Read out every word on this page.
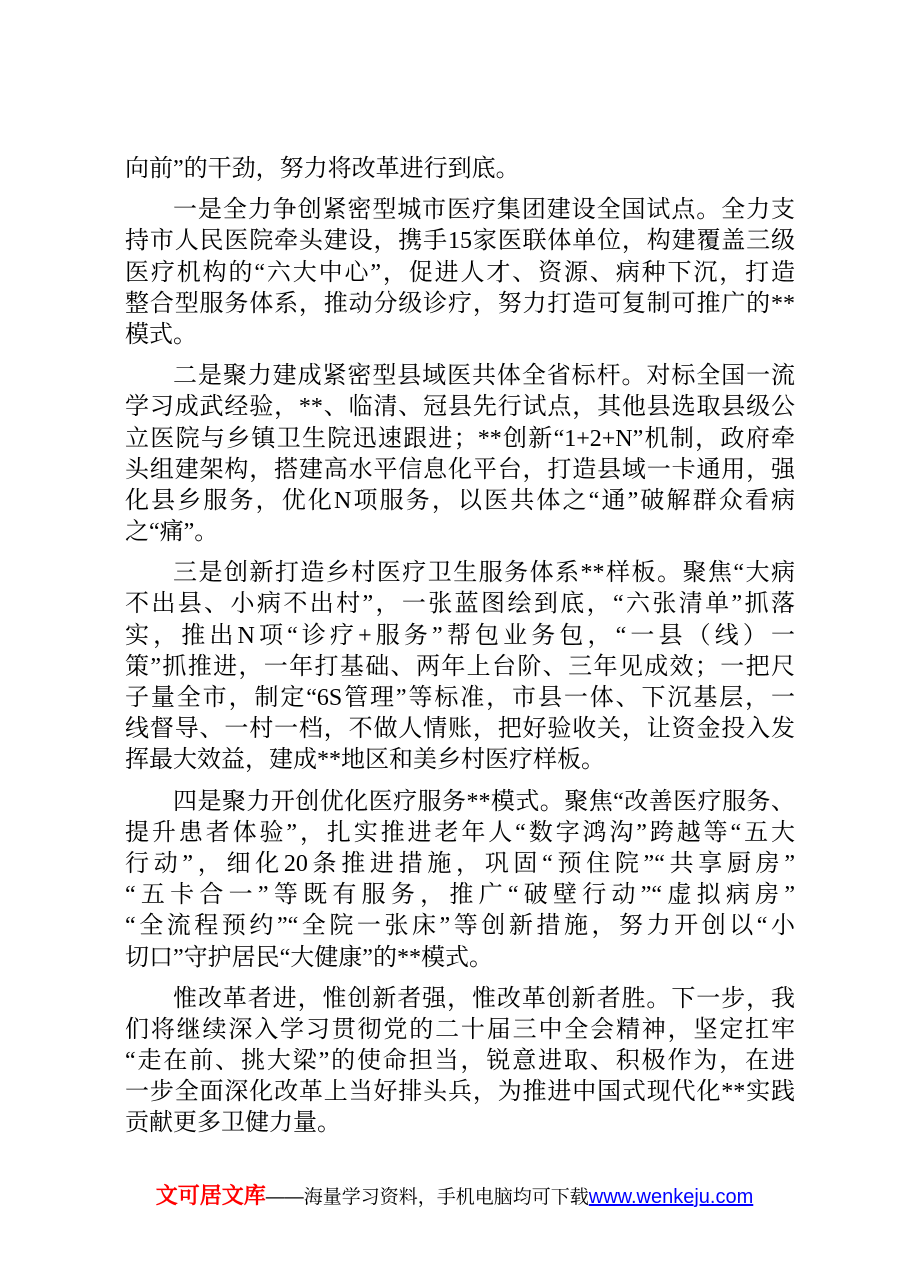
向前”的干劲，努力将改革进行到底。
一是全力争创紧密型城市医疗集团建设全国试点。全力支
持市人民医院牵头建设，携手15家医联体单位，构建覆盖三级
医疗机构的“六大中心”，促进人才、资源、病种下沉，打造
整合型服务体系，推动分级诊疗，努力打造可复制可推广的**
模式。
二是聚力建成紧密型县域医共体全省标杆。对标全国一流
学习成武经验，**、临清、冠县先行试点，其他县选取县级公
立医院与乡镇卫生院迅速跟进；**创新“1+2+N”机制，政府牵
头组建架构，搭建高水平信息化平台，打造县域一卡通用，强
化县乡服务，优化N项服务，以医共体之“通”破解群众看病
之“痛”。
三是创新打造乡村医疗卫生服务体系**样板。聚焦“大病
不出县、小病不出村”，一张蓝图绘到底，“六张清单”抓落
实，推出N项“诊疗+服务”帮包业务包，“一县（线）一
策”抓推进，一年打基础、两年上台阶、三年见成效；一把尺
子量全市，制定“6S管理”等标准，市县一体、下沉基层，一
线督导、一村一档，不做人情账，把好验收关，让资金投入发
挥最大效益，建成**地区和美乡村医疗样板。
四是聚力开创优化医疗服务**模式。聚焦“改善医疗服务、
提升患者体验”，扎实推进老年人“数字鸿沟”跨越等“五大
行动”，细化20条推进措施，巩固“预住院”“共享厨房”
“五卡合一”等既有服务，推广“破壁行动”“虚拟病房”
“全流程预约”“全院一张床”等创新措施，努力开创以“小
切口”守护居民“大健康”的**模式。
惟改革者进，惟创新者强，惟改革创新者胜。下一步，我
们将继续深入学习贯彻党的二十届三中全会精神，坚定扛牢
“走在前、挑大梁”的使命担当，锐意进取、积极作为，在进
一步全面深化改革上当好排头兵，为推进中国式现代化**实践
贡献更多卫健力量。
文可居文库——海量学习资料，手机电脑均可下载www.wenkeju.com
